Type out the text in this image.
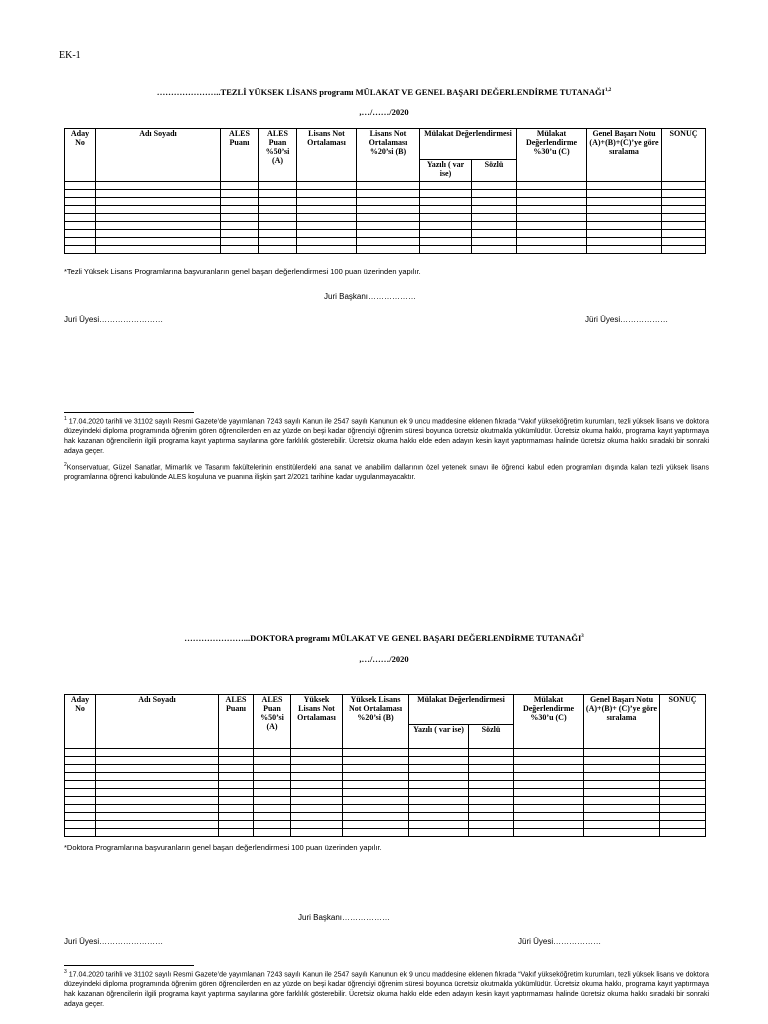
EK-1
…………………..TEZLİ YÜKSEK LİSANS programı MÜLAKAT VE GENEL BAŞARI DEĞERLENDİRME TUTANAĞI$^{1,2}$
,…/……/2020
Aday No	Adı Soyadı	ALES Puanı	ALES Puan %50’si (A)	Lisans Not Ortalaması	Lisans Not Ortalaması %20’si (B)	Mülakat Değerlendirmesi		Mülakat Değerlendirme %30’u (C)	Genel Başarı Notu (A)+(B)+(C)’ye göre sıralama	SONUÇ	
						Yazılı ( var ise)	Sözlü				

*Tezli Yüksek Lisans Programlarına başvuranların genel başarı değerlendirmesi 100 puan üzerinden yapılır.
Juri Başkanı………………
Juri Üyesi……………………	Jüri Üyesi………………
$^1$ 17.04.2020 tarihli ve 31102 sayılı Resmi Gazete’de yayımlanan 7243 sayılı Kanun ile 2547 sayılı Kanunun ek 9 uncu maddesine eklenen fıkrada “Vakıf yükseköğretim kurumları, tezli yüksek lisans ve doktora düzeyindeki diploma programında öğrenim gören öğrencilerden en az yüzde on beşi kadar öğrenciyi öğrenim süresi boyunca ücretsiz okutmakla yükümlüdür. Ücretsiz okuma hakkı, programa kayıt yaptırmaya hak kazanan öğrencilerin ilgili programa kayıt yaptırma sayılarına göre farklılık gösterebilir. Ücretsiz okuma hakkı elde eden adayın kesin kayıt yaptırmaması halinde ücretsiz okuma hakkı sıradaki bir sonraki adaya geçer.
$^2$Konservatuar, Güzel Sanatlar, Mimarlık ve Tasarım fakültelerinin enstitülerdeki ana sanat ve anabilim dallarının özel yetenek sınavı ile öğrenci kabul eden programları dışında kalan tezli yüksek lisans programlarına öğrenci kabulünde ALES koşuluna ve puanına ilişkin şart 2/2021 tarihine kadar uygulanmayacaktır.
…………………...DOKTORA programı MÜLAKAT VE GENEL BAŞARI DEĞERLENDİRME TUTANAĞI$^3$
,…/……/2020
Aday No	Adı Soyadı	ALES Puanı	ALES Puan %50’si (A)	Yüksek Lisans Not Ortalaması	Yüksek Lisans Not Ortalaması %20’si (B)	Mülakat Değerlendirmesi		Mülakat Değerlendirme %30’u (C)	Genel Başarı Notu (A)+(B)+ (C)’ye göre sıralama	SONUÇ	
						Yazılı ( var ise)	Sözlü				

*Doktora Programlarına başvuranların genel başarı değerlendirmesi 100 puan üzerinden yapılır.
Juri Başkanı………………
Juri Üyesi……………………	Jüri Üyesi………………
$^3$ 17.04.2020 tarihli ve 31102 sayılı Resmi Gazete’de yayımlanan 7243 sayılı Kanun ile 2547 sayılı Kanunun ek 9 uncu maddesine eklenen fıkrada “Vakıf yükseköğretim kurumları, tezli yüksek lisans ve doktora düzeyindeki diploma programında öğrenim gören öğrencilerden en az yüzde on beşi kadar öğrenciyi öğrenim süresi boyunca ücretsiz okutmakla yükümlüdür. Ücretsiz okuma hakkı, programa kayıt yaptırmaya hak kazanan öğrencilerin ilgili programa kayıt yaptırma sayılarına göre farklılık gösterebilir. Ücretsiz okuma hakkı elde eden adayın kesin kayıt yaptırmaması halinde ücretsiz okuma hakkı sıradaki bir sonraki adaya geçer.
